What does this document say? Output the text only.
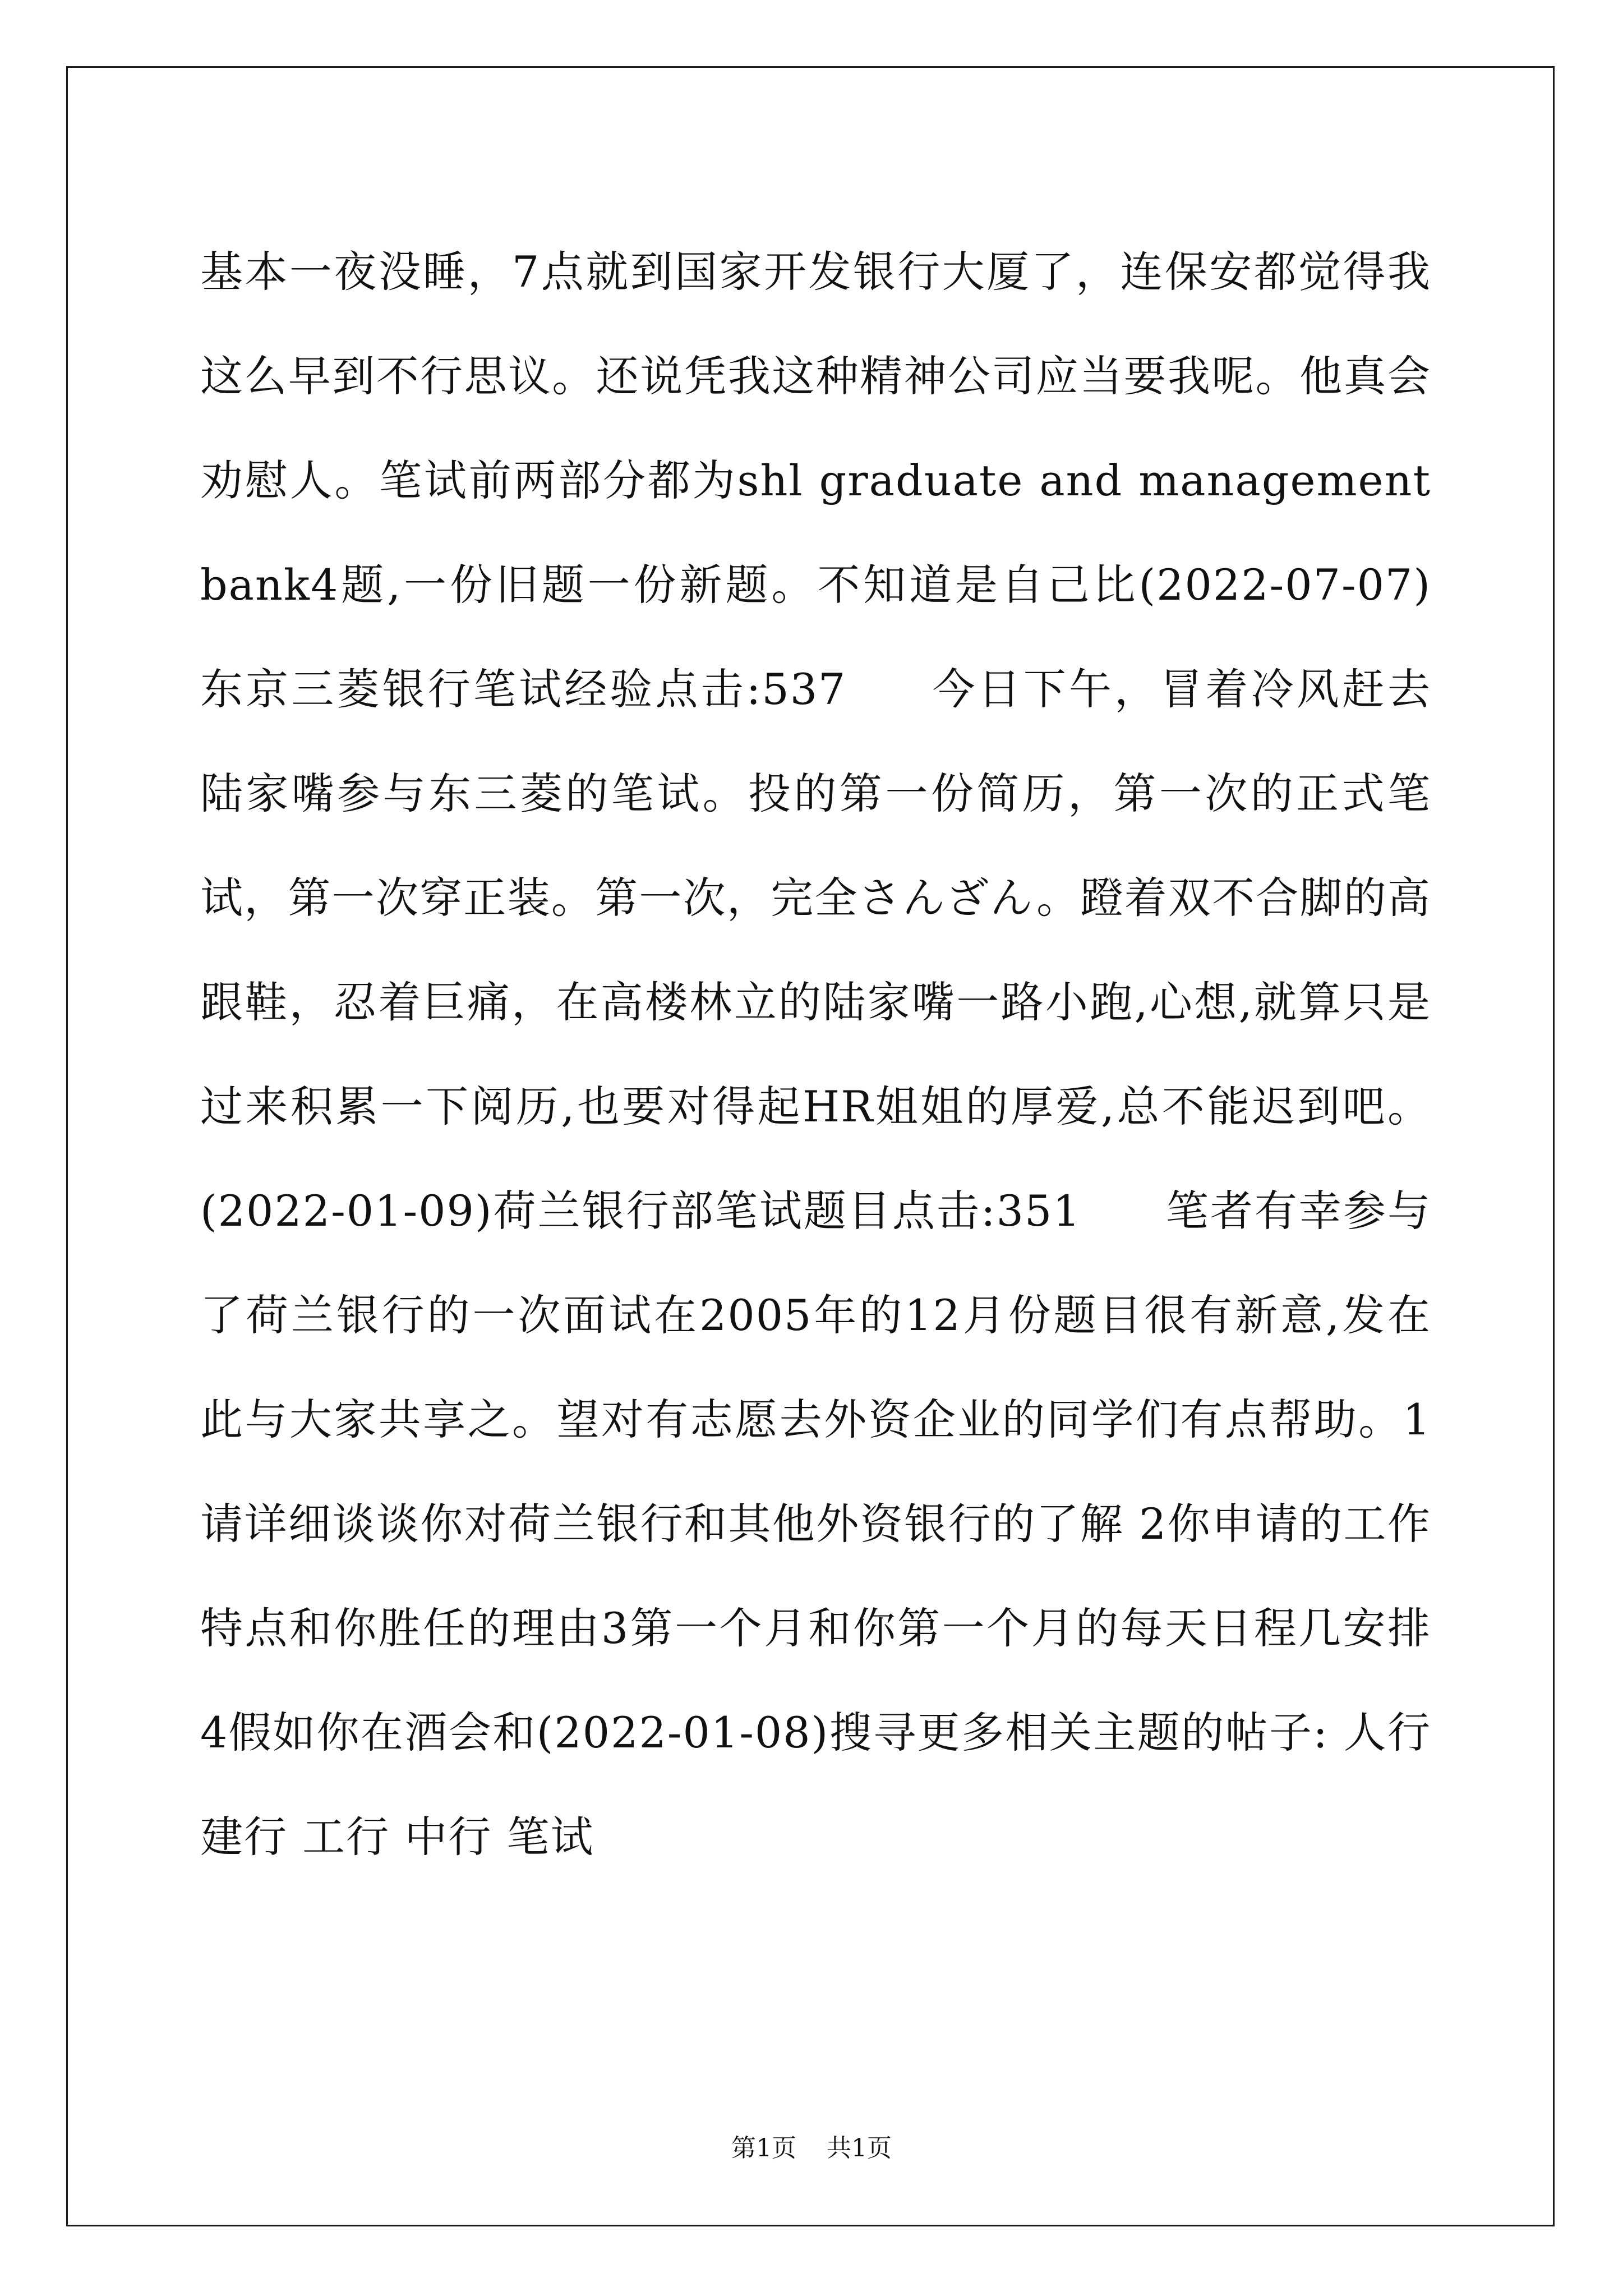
基本一夜没睡，7点就到国家开发银行大厦了，连保安都觉得我这么早到不行思议。还说凭我这种精神公司应当要我呢。他真会劝慰人。笔试前两部分都为shl graduate and managementbank4题,一份旧题一份新题。不知道是自己比(2022-07-07)东京三菱银行笔试经验点击:537 今日下午，冒着冷风赶去陆家嘴参与东三菱的笔试。投的第一份简历，第一次的正式笔试，第一次穿正装。第一次，完全さんざん。蹬着双不合脚的高跟鞋，忍着巨痛，在高楼林立的陆家嘴一路小跑,心想,就算只是过来积累一下阅历,也要对得起HR姐姐的厚爱,总不能迟到吧。(2022-01-09)荷兰银行部笔试题目点击:351 笔者有幸参与了荷兰银行的一次面试在2005年的12月份题目很有新意,发在此与大家共享之。望对有志愿去外资企业的同学们有点帮助。1请详细谈谈你对荷兰银行和其他外资银行的了解 2你申请的工作特点和你胜任的理由3第一个月和你第一个月的每天日程几安排 4假如你在酒会和(2022-01-08)搜寻更多相关主题的帖子: 人行 建行 工行 中行 笔试

第1页 共1页
